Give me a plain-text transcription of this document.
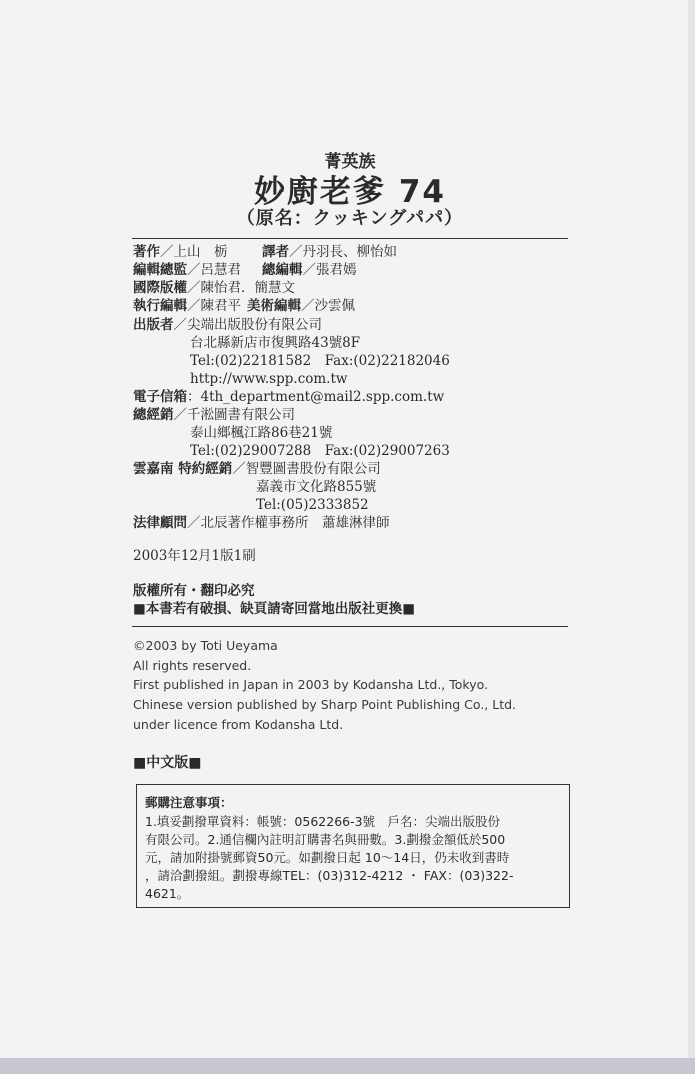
菁英族
妙廚老爹 74
（原名：クッキングパパ）
著作／上山　栃	譯者／丹羽長、柳怡如
編輯總監／呂慧君 總編輯／張君嫣
國際版權／陳怡君．簡慧文
執行編輯／陳君平 美術編輯／沙雲佩
出版者／尖端出版股份有限公司
台北縣新店市復興路43號8F
Tel:(02)22181582　Fax:(02)22182046
http://www.spp.com.tw
電子信箱：4th_department@mail2.spp.com.tw
總經銷／千淞圖書有限公司
泰山鄉楓江路86巷21號
Tel:(02)29007288　Fax:(02)29007263
雲嘉南 特約經銷／智豐圖書股份有限公司
嘉義市文化路855號
Tel:(05)2333852
法律顧問／北辰著作權事務所　蕭雄淋律師
2003年12月1版1刷
版權所有・翻印必究
■本書若有破損、缺頁請寄回當地出版社更換■
©2003 by Toti Ueyama
All rights reserved.
First published in Japan in 2003 by Kodansha Ltd., Tokyo.
Chinese version published by Sharp Point Publishing Co., Ltd.
under licence from Kodansha Ltd.
■中文版■
郵購注意事項：
1.填妥劃撥單資料：帳號：0562266-3號　戶名：尖端出版股份
有限公司。2.通信欄內註明訂購書名與冊數。3.劃撥金額低於500
元，請加附掛號郵資50元。如劃撥日起 10～14日，仍未收到書時
，請洽劃撥組。劃撥專線TEL：(03)312-4212 ・ FAX：(03)322-
4621。
